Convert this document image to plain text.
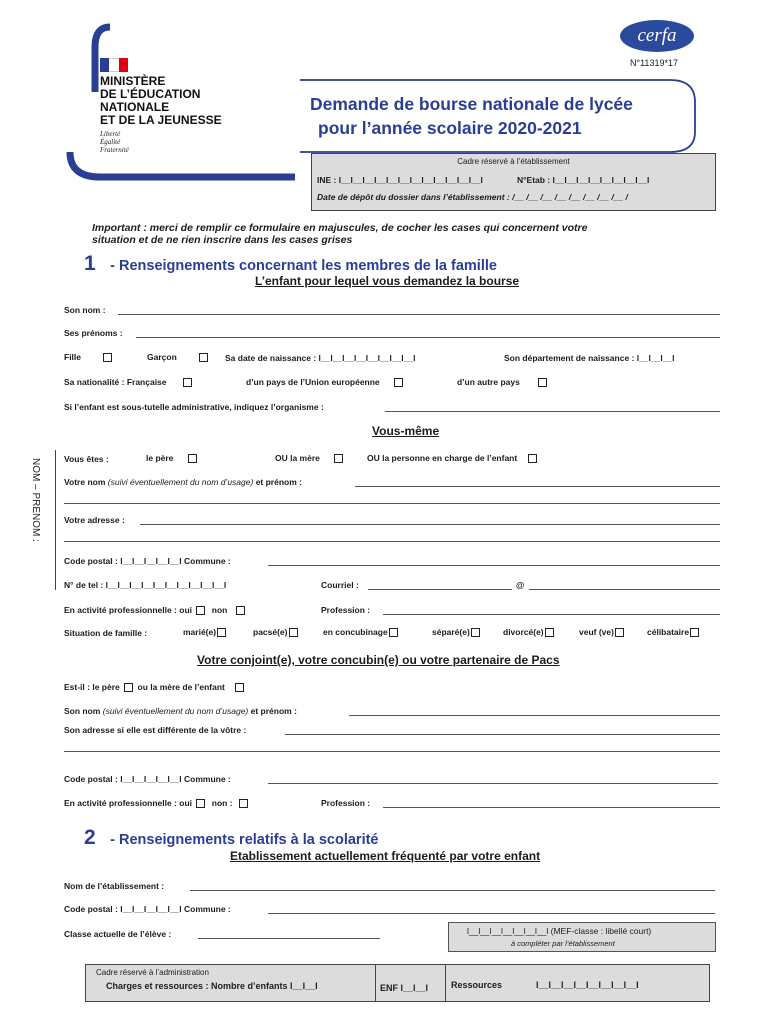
MINISTÈRE
DE L’ÉDUCATION
NATIONALE
ET DE LA JEUNESSE
Liberté
Égalité
Fraternité
cerfa
N°11319*17
Demande de bourse nationale de lycée
pour l’année scolaire 2020-2021
Cadre réservé à l’établissement
INE : l__l__l__l__l__l__l__l__l__l__l__l__l	N°Etab : l__l__l__l__l__l__l__l__l
Date de dépôt du dossier dans l’établissement : /__ /__ /__ /__ /__ /__ /__ /__ /
Important : merci de remplir ce formulaire en majuscules, de cocher les cases qui concernent votre
situation et de ne rien inscrire dans les cases grises
1 - Renseignements concernant les membres de la famille
L’enfant pour lequel vous demandez la bourse
Son nom :
Ses prénoms :
Fille	Garçon	Sa date de naissance : l__l__l__l__l__l__l__l__l	Son département de naissance : l__l__l__l
Sa nationalité : Française	d’un pays de l’Union européenne	d’un autre pays
Si l’enfant est sous-tutelle administrative, indiquez l’organisme :
NOM – PRENOM :
Vous-même
Vous êtes :	le père	OU la mère	OU la personne en charge de l’enfant
Votre nom (suivi éventuellement du nom d’usage) et prénom :
Votre adresse :
Code postal : l__l__l__l__l__l Commune :
N° de tel : l__l__l__l__l__l__l__l__l__l__l	Courriel :	@
En activité professionnelle : oui non	Profession :
Situation de famille :	marié(e)	pacsé(e)	en concubinage	séparé(e)	divorcé(e)	veuf (ve)	célibataire
Votre conjoint(e), votre concubin(e) ou votre partenaire de Pacs
Est-il : le père ou la mère de l’enfant
Son nom (suivi éventuellement du nom d’usage) et prénom :
Son adresse si elle est différente de la vôtre :
Code postal : l__l__l__l__l__l Commune :
En activité professionnelle : oui non :	Profession :
2 - Renseignements relatifs à la scolarité
Etablissement actuellement fréquenté par votre enfant
Nom de l’établissement :
Code postal : l__l__l__l__l__l Commune :
Classe actuelle de l’élève :	l__l__l__l__l__l__l__l (MEF-classe : libellé court)
à compléter par l’établissement
Cadre réservé à l’administration
Charges et ressources : Nombre d’enfants l__l__l	ENF l__l__l	Ressources	l__l__l__l__l__l__l__l__l
